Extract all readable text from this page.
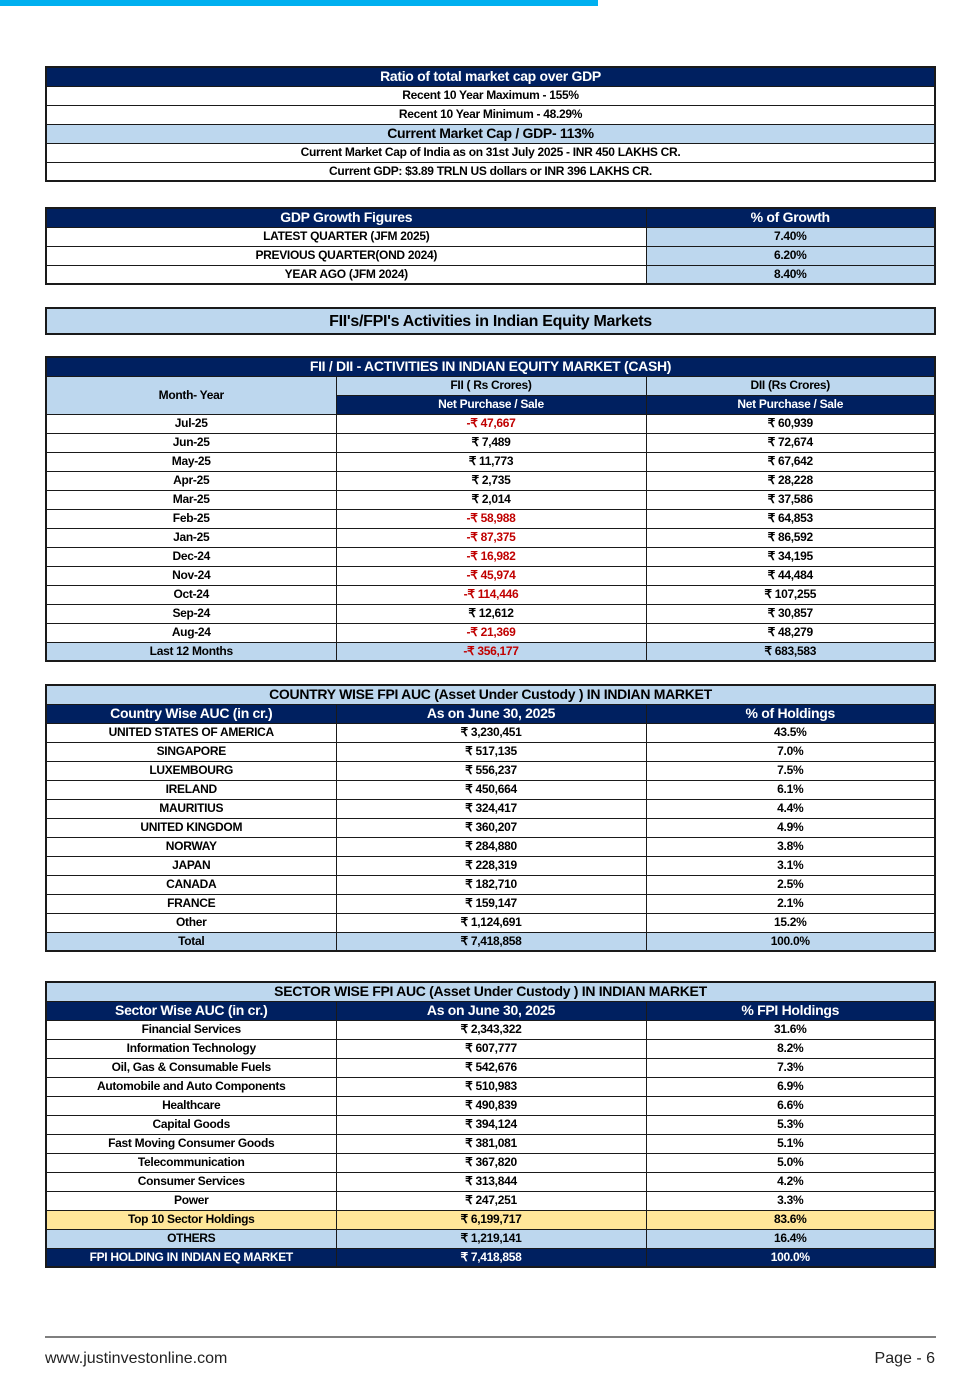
Ratio of total market cap over GDP
Recent 10 Year Maximum - 155%
Recent 10 Year Minimum - 48.29%
Current Market Cap / GDP- 113%
Current Market Cap of India as on 31st July 2025 - INR 450 LAKHS CR.
Current GDP: $3.89 TRLN US dollars or INR 396 LAKHS CR.
GDP Growth Figures	% of Growth
LATEST QUARTER (JFM 2025)	7.40%
PREVIOUS QUARTER(OND 2024)	6.20%
YEAR AGO (JFM 2024)	8.40%
FII's/FPI's Activities in Indian Equity Markets
FII / DII - ACTIVITIES IN INDIAN EQUITY MARKET (CASH)		
Month- Year	FII ( Rs Crores)	DII (Rs Crores)
	Net Purchase / Sale	Net Purchase / Sale
Jul-25	-₹ 47,667	₹ 60,939
Jun-25	₹ 7,489	₹ 72,674
May-25	₹ 11,773	₹ 67,642
Apr-25	₹ 2,735	₹ 28,228
Mar-25	₹ 2,014	₹ 37,586
Feb-25	-₹ 58,988	₹ 64,853
Jan-25	-₹ 87,375	₹ 86,592
Dec-24	-₹ 16,982	₹ 34,195
Nov-24	-₹ 45,974	₹ 44,484
Oct-24	-₹ 114,446	₹ 107,255
Sep-24	₹ 12,612	₹ 30,857
Aug-24	-₹ 21,369	₹ 48,279
Last 12 Months	-₹ 356,177	₹ 683,583
COUNTRY WISE FPI AUC (Asset Under Custody ) IN INDIAN MARKET		
Country Wise AUC (in cr.)	As on June 30, 2025	% of Holdings
UNITED STATES OF AMERICA	₹ 3,230,451	43.5%
SINGAPORE	₹ 517,135	7.0%
LUXEMBOURG	₹ 556,237	7.5%
IRELAND	₹ 450,664	6.1%
MAURITIUS	₹ 324,417	4.4%
UNITED KINGDOM	₹ 360,207	4.9%
NORWAY	₹ 284,880	3.8%
JAPAN	₹ 228,319	3.1%
CANADA	₹ 182,710	2.5%
FRANCE	₹ 159,147	2.1%
Other	₹ 1,124,691	15.2%
Total	₹ 7,418,858	100.0%
SECTOR WISE FPI AUC (Asset Under Custody ) IN INDIAN MARKET		
Sector Wise AUC (in cr.)	As on June 30, 2025	% FPI Holdings
Financial Services	₹ 2,343,322	31.6%
Information Technology	₹ 607,777	8.2%
Oil, Gas & Consumable Fuels	₹ 542,676	7.3%
Automobile and Auto Components	₹ 510,983	6.9%
Healthcare	₹ 490,839	6.6%
Capital Goods	₹ 394,124	5.3%
Fast Moving Consumer Goods	₹ 381,081	5.1%
Telecommunication	₹ 367,820	5.0%
Consumer Services	₹ 313,844	4.2%
Power	₹ 247,251	3.3%
Top 10 Sector Holdings	₹ 6,199,717	83.6%
OTHERS	₹ 1,219,141	16.4%
FPI HOLDING IN INDIAN EQ MARKET	₹ 7,418,858	100.0%
www.justinvestonline.com	Page - 6
